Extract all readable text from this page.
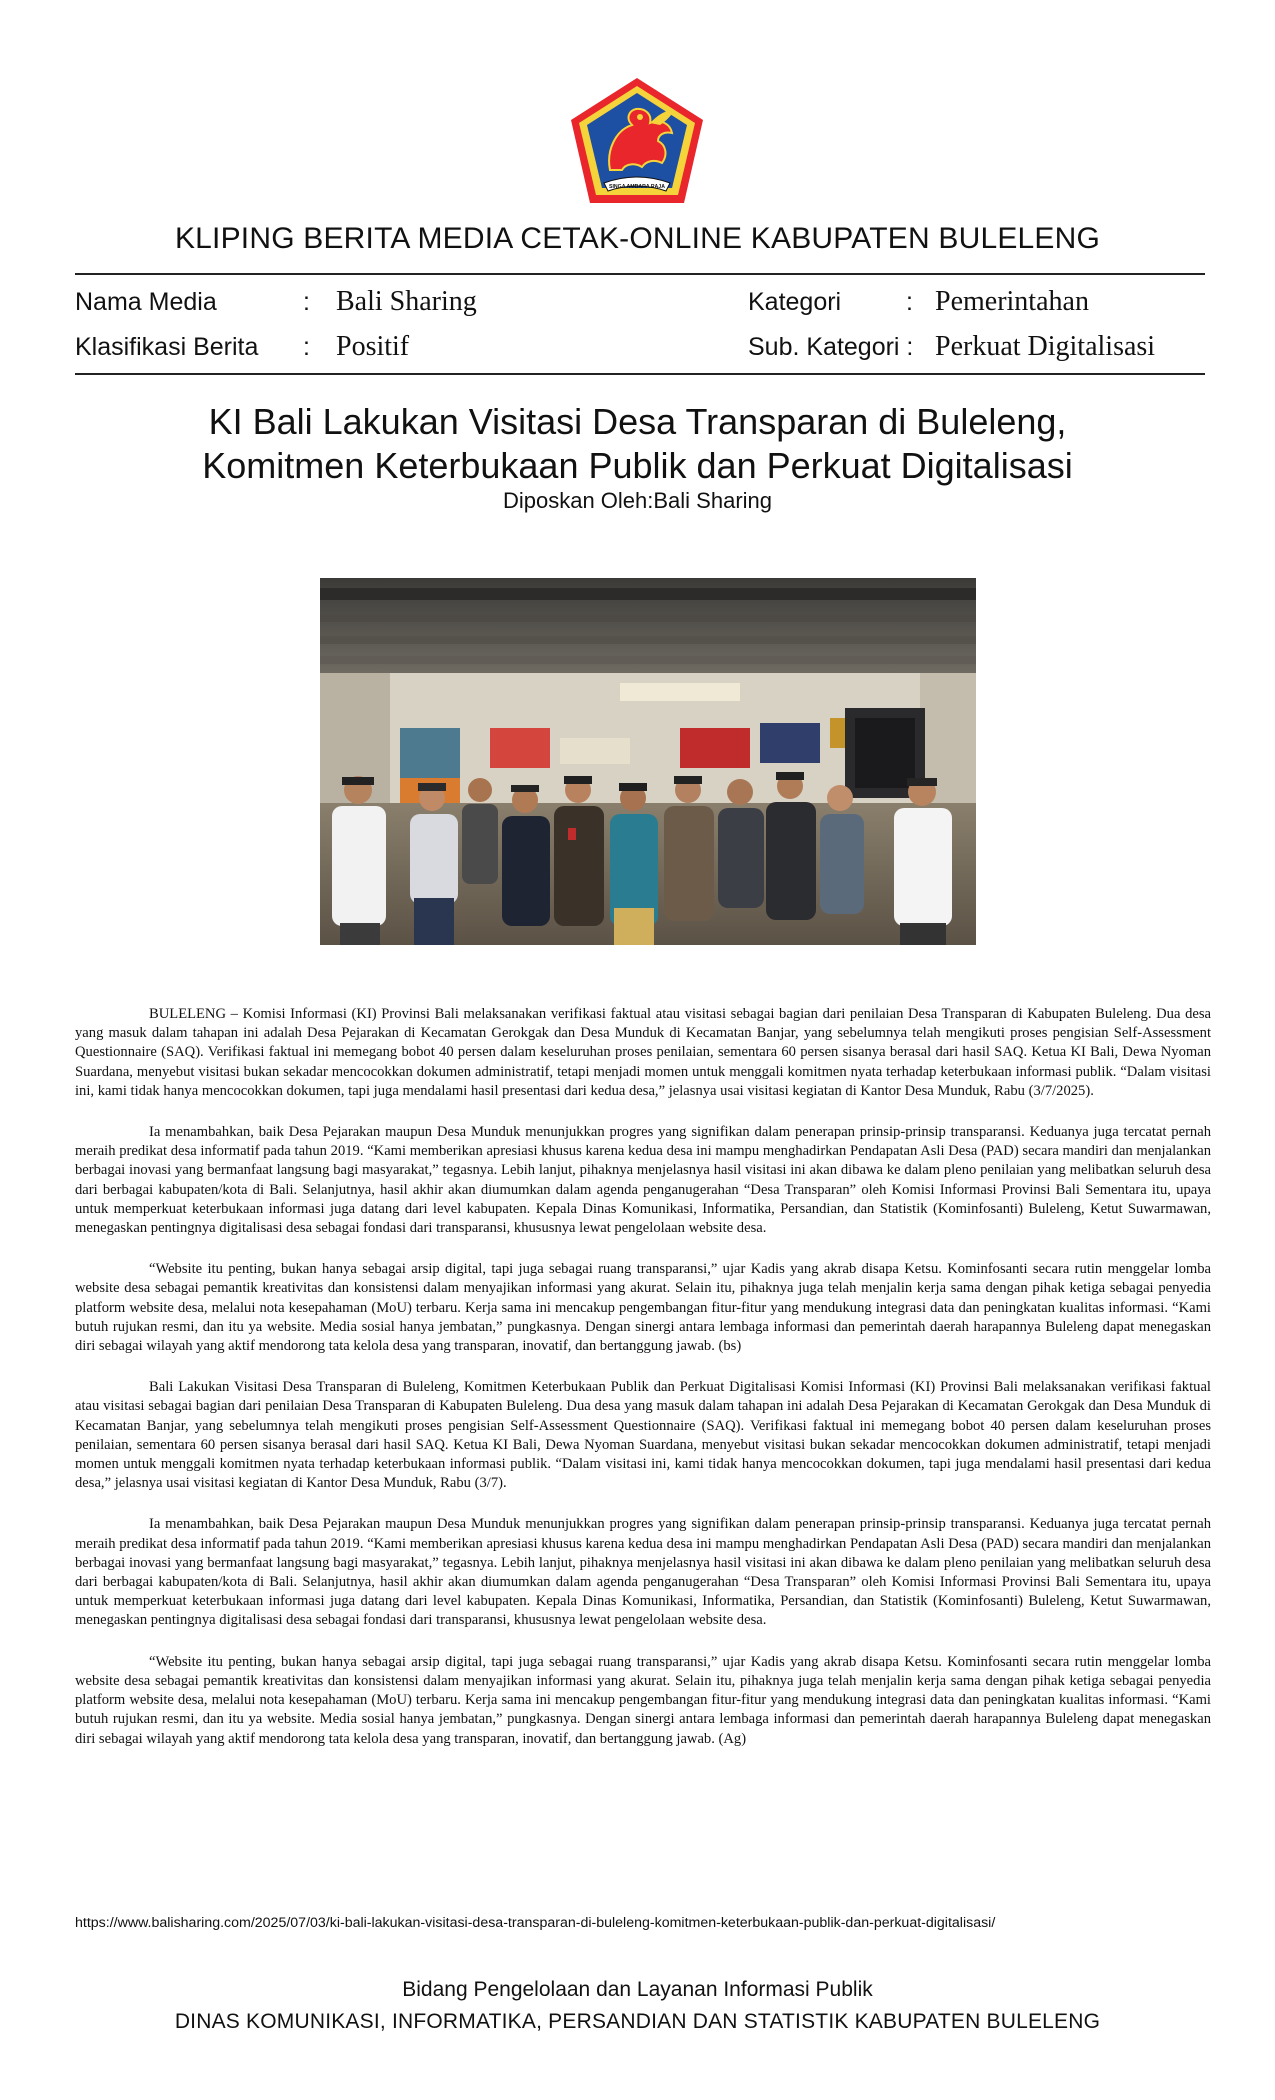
SINGA AMBARA RAJA
KLIPING BERITA MEDIA CETAK-ONLINE KABUPATEN BULELENG
Nama Media	: Bali Sharing
Klasifikasi Berita : Positif
Kategori	: Pemerintahan
Sub. Kategori : Perkuat Digitalisasi
KI Bali Lakukan Visitasi Desa Transparan di Buleleng,
Komitmen Keterbukaan Publik dan Perkuat Digitalisasi
Diposkan Oleh:Bali Sharing

BULELENG – Komisi Informasi (KI) Provinsi Bali melaksanakan verifikasi faktual atau visitasi sebagai bagian dari penilaian Desa Transparan di Kabupaten Buleleng. Dua desa yang masuk dalam tahapan ini adalah Desa Pejarakan di Kecamatan Gerokgak dan Desa Munduk di Kecamatan Banjar, yang sebelumnya telah mengikuti proses pengisian Self-Assessment Questionnaire (SAQ). Verifikasi faktual ini memegang bobot 40 persen dalam keseluruhan proses penilaian, sementara 60 persen sisanya berasal dari hasil SAQ. Ketua KI Bali, Dewa Nyoman Suardana, menyebut visitasi bukan sekadar mencocokkan dokumen administratif, tetapi menjadi momen untuk menggali komitmen nyata terhadap keterbukaan informasi publik. “Dalam visitasi ini, kami tidak hanya mencocokkan dokumen, tapi juga mendalami hasil presentasi dari kedua desa,” jelasnya usai visitasi kegiatan di Kantor Desa Munduk, Rabu (3/7/2025).

Ia menambahkan, baik Desa Pejarakan maupun Desa Munduk menunjukkan progres yang signifikan dalam penerapan prinsip-prinsip transparansi. Keduanya juga tercatat pernah meraih predikat desa informatif pada tahun 2019. “Kami memberikan apresiasi khusus karena kedua desa ini mampu menghadirkan Pendapatan Asli Desa (PAD) secara mandiri dan menjalankan berbagai inovasi yang bermanfaat langsung bagi masyarakat,” tegasnya. Lebih lanjut, pihaknya menjelasnya hasil visitasi ini akan dibawa ke dalam pleno penilaian yang melibatkan seluruh desa dari berbagai kabupaten/kota di Bali. Selanjutnya, hasil akhir akan diumumkan dalam agenda penganugerahan “Desa Transparan” oleh Komisi Informasi Provinsi Bali Sementara itu, upaya untuk memperkuat keterbukaan informasi juga datang dari level kabupaten. Kepala Dinas Komunikasi, Informatika, Persandian, dan Statistik (Kominfosanti) Buleleng, Ketut Suwarmawan, menegaskan pentingnya digitalisasi desa sebagai fondasi dari transparansi, khususnya lewat pengelolaan website desa.

“Website itu penting, bukan hanya sebagai arsip digital, tapi juga sebagai ruang transparansi,” ujar Kadis yang akrab disapa Ketsu. Kominfosanti secara rutin menggelar lomba website desa sebagai pemantik kreativitas dan konsistensi dalam menyajikan informasi yang akurat. Selain itu, pihaknya juga telah menjalin kerja sama dengan pihak ketiga sebagai penyedia platform website desa, melalui nota kesepahaman (MoU) terbaru. Kerja sama ini mencakup pengembangan fitur-fitur yang mendukung integrasi data dan peningkatan kualitas informasi. “Kami butuh rujukan resmi, dan itu ya website. Media sosial hanya jembatan,” pungkasnya. Dengan sinergi antara lembaga informasi dan pemerintah daerah harapannya Buleleng dapat menegaskan diri sebagai wilayah yang aktif mendorong tata kelola desa yang transparan, inovatif, dan bertanggung jawab. (bs)

Bali Lakukan Visitasi Desa Transparan di Buleleng, Komitmen Keterbukaan Publik dan Perkuat Digitalisasi Komisi Informasi (KI) Provinsi Bali melaksanakan verifikasi faktual atau visitasi sebagai bagian dari penilaian Desa Transparan di Kabupaten Buleleng. Dua desa yang masuk dalam tahapan ini adalah Desa Pejarakan di Kecamatan Gerokgak dan Desa Munduk di Kecamatan Banjar, yang sebelumnya telah mengikuti proses pengisian Self-Assessment Questionnaire (SAQ). Verifikasi faktual ini memegang bobot 40 persen dalam keseluruhan proses penilaian, sementara 60 persen sisanya berasal dari hasil SAQ. Ketua KI Bali, Dewa Nyoman Suardana, menyebut visitasi bukan sekadar mencocokkan dokumen administratif, tetapi menjadi momen untuk menggali komitmen nyata terhadap keterbukaan informasi publik. “Dalam visitasi ini, kami tidak hanya mencocokkan dokumen, tapi juga mendalami hasil presentasi dari kedua desa,” jelasnya usai visitasi kegiatan di Kantor Desa Munduk, Rabu (3/7).

Ia menambahkan, baik Desa Pejarakan maupun Desa Munduk menunjukkan progres yang signifikan dalam penerapan prinsip-prinsip transparansi. Keduanya juga tercatat pernah meraih predikat desa informatif pada tahun 2019. “Kami memberikan apresiasi khusus karena kedua desa ini mampu menghadirkan Pendapatan Asli Desa (PAD) secara mandiri dan menjalankan berbagai inovasi yang bermanfaat langsung bagi masyarakat,” tegasnya. Lebih lanjut, pihaknya menjelasnya hasil visitasi ini akan dibawa ke dalam pleno penilaian yang melibatkan seluruh desa dari berbagai kabupaten/kota di Bali. Selanjutnya, hasil akhir akan diumumkan dalam agenda penganugerahan “Desa Transparan” oleh Komisi Informasi Provinsi Bali Sementara itu, upaya untuk memperkuat keterbukaan informasi juga datang dari level kabupaten. Kepala Dinas Komunikasi, Informatika, Persandian, dan Statistik (Kominfosanti) Buleleng, Ketut Suwarmawan, menegaskan pentingnya digitalisasi desa sebagai fondasi dari transparansi, khususnya lewat pengelolaan website desa.

“Website itu penting, bukan hanya sebagai arsip digital, tapi juga sebagai ruang transparansi,” ujar Kadis yang akrab disapa Ketsu. Kominfosanti secara rutin menggelar lomba website desa sebagai pemantik kreativitas dan konsistensi dalam menyajikan informasi yang akurat. Selain itu, pihaknya juga telah menjalin kerja sama dengan pihak ketiga sebagai penyedia platform website desa, melalui nota kesepahaman (MoU) terbaru. Kerja sama ini mencakup pengembangan fitur-fitur yang mendukung integrasi data dan peningkatan kualitas informasi. “Kami butuh rujukan resmi, dan itu ya website. Media sosial hanya jembatan,” pungkasnya. Dengan sinergi antara lembaga informasi dan pemerintah daerah harapannya Buleleng dapat menegaskan diri sebagai wilayah yang aktif mendorong tata kelola desa yang transparan, inovatif, dan bertanggung jawab. (Ag)

https://www.balisharing.com/2025/07/03/ki-bali-lakukan-visitasi-desa-transparan-di-buleleng-komitmen-keterbukaan-publik-dan-perkuat-digitalisasi/
Bidang Pengelolaan dan Layanan Informasi Publik
DINAS KOMUNIKASI, INFORMATIKA, PERSANDIAN DAN STATISTIK KABUPATEN BULELENG
